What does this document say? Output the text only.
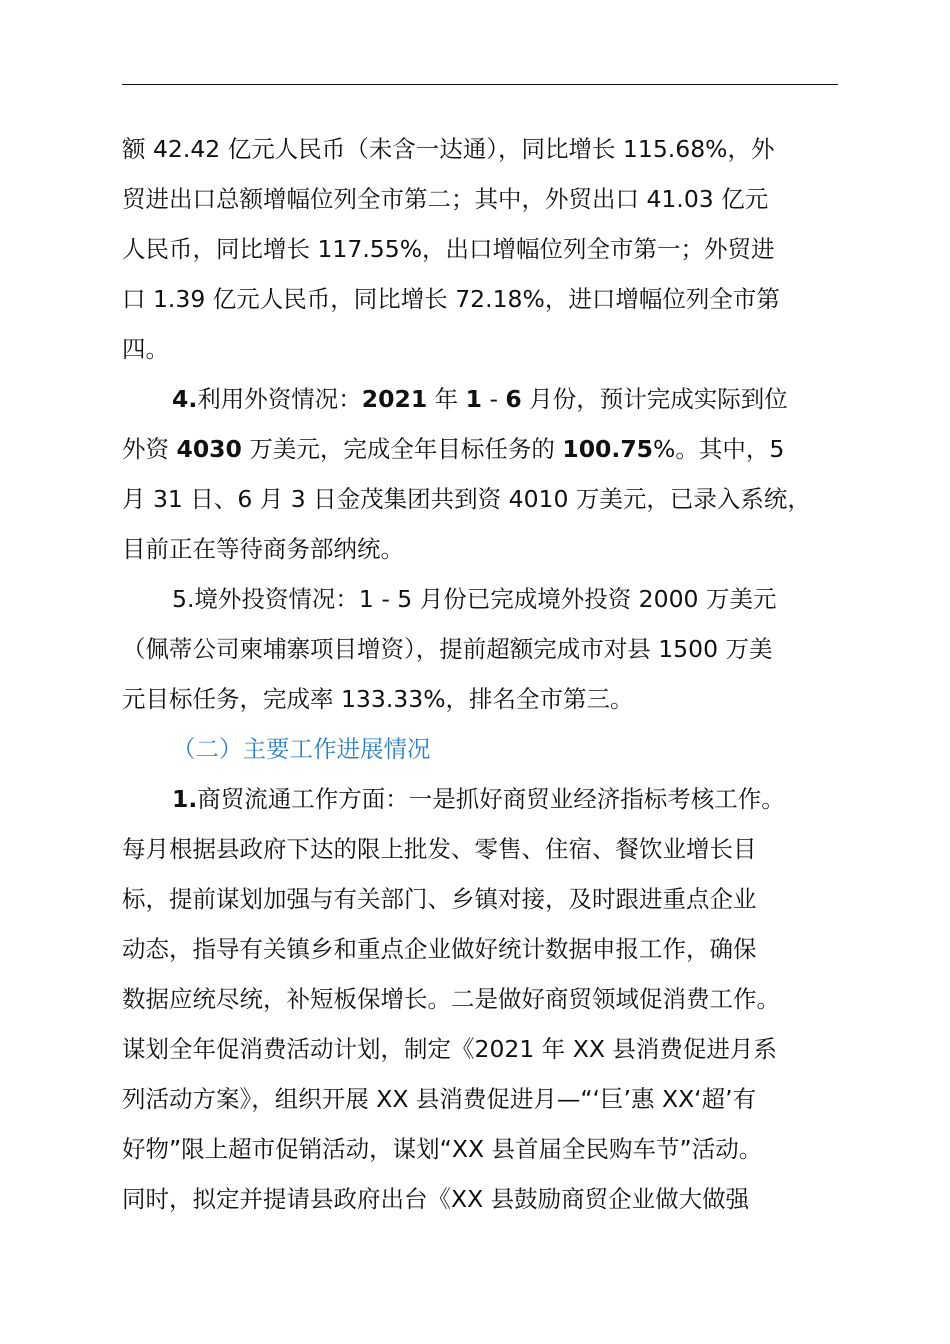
额 42.42 亿元人民币（未含一达通），同比增长 115.68%，外
贸进出口总额增幅位列全市第二；其中，外贸出口 41.03 亿元
人民币，同比增长 117.55%，出口增幅位列全市第一；外贸进
口 1.39 亿元人民币，同比增长 72.18%，进口增幅位列全市第
四。
4.利用外资情况：2021 年 1 - 6 月份，预计完成实际到位
外资 4030 万美元，完成全年目标任务的 100.75%。其中，5
月 31 日、6 月 3 日金茂集团共到资 4010 万美元，已录入系统，
目前正在等待商务部纳统。
5.境外投资情况：1 - 5 月份已完成境外投资 2000 万美元
（佩蒂公司柬埔寨项目增资），提前超额完成市对县 1500 万美
元目标任务，完成率 133.33%，排名全市第三。
（二）主要工作进展情况
1.商贸流通工作方面：一是抓好商贸业经济指标考核工作。
每月根据县政府下达的限上批发、零售、住宿、餐饮业增长目
标，提前谋划加强与有关部门、乡镇对接，及时跟进重点企业
动态，指导有关镇乡和重点企业做好统计数据申报工作，确保
数据应统尽统，补短板保增长。二是做好商贸领域促消费工作。
谋划全年促消费活动计划，制定《2021 年 XX 县消费促进月系
列活动方案》，组织开展 XX 县消费促进月—“‘巨’惠 XX‘超’有
好物”限上超市促销活动，谋划“XX 县首届全民购车节”活动。
同时，拟定并提请县政府出台《XX 县鼓励商贸企业做大做强
